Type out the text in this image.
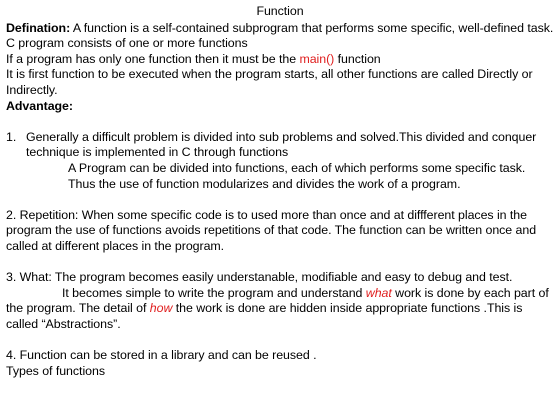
Function

Defination: A function is a self-contained subprogram that performs some specific, well-defined task.

C program consists of one or more functions

If a program has only one function then it must be the main() function

It is first function to be executed when the program starts, all other functions are called Directly or Indirectly.

Advantage:

1. Generally a difficult problem is divided into sub problems and solved.This divided and conquer technique is implemented in C through functions

A Program can be divided into functions, each of which performs some specific task.

Thus the use of function modularizes and divides the work of a program.

2. Repetition: When some specific code is to used more than once and at diffferent places in the program the use of functions avoids repetitions of that code. The function can be written once and called at different places in the program.

3. What: The program becomes easily understanable, modifiable and easy to debug and test.

It becomes simple to write the program and understand what work is done by each part of the program. The detail of how the work is done are hidden inside appropriate functions .This is called “Abstractions”.

4. Function can be stored in a library and can be reused .

Types of functions
